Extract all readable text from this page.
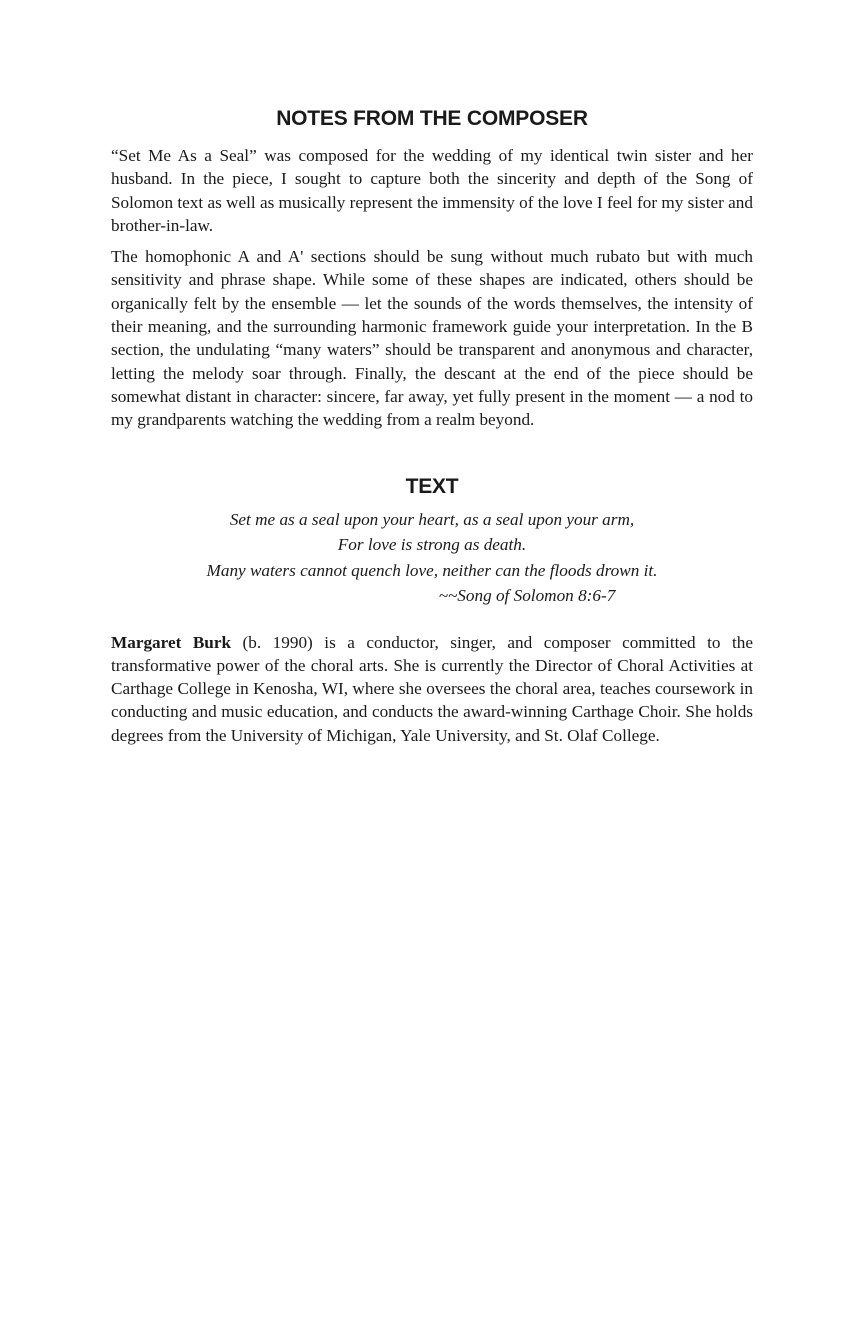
NOTES FROM THE COMPOSER

“Set Me As a Seal” was composed for the wedding of my identical twin sister and her husband. In the piece, I sought to capture both the sincerity and depth of the Song of Solomon text as well as musically represent the immensity of the love I feel for my sister and brother-in-law.

The homophonic A and A' sections should be sung without much rubato but with much sensitivity and phrase shape. While some of these shapes are indicated, others should be organically felt by the ensemble — let the sounds of the words themselves, the intensity of their meaning, and the surrounding harmonic framework guide your interpretation. In the B section, the undulating “many waters” should be transparent and anonymous and character, letting the melody soar through. Finally, the descant at the end of the piece should be somewhat distant in character: sincere, far away, yet fully present in the moment — a nod to my grandparents watching the wedding from a realm beyond.

TEXT
Set me as a seal upon your heart, as a seal upon your arm,
For love is strong as death.
Many waters cannot quench love, neither can the floods drown it.
~~Song of Solomon 8:6-7

Margaret Burk (b. 1990) is a conductor, singer, and composer committed to the transformative power of the choral arts. She is currently the Director of Choral Activities at Carthage College in Kenosha, WI, where she oversees the choral area, teaches coursework in conducting and music education, and conducts the award-winning Carthage Choir. She holds degrees from the University of Michigan, Yale University, and St. Olaf College.
